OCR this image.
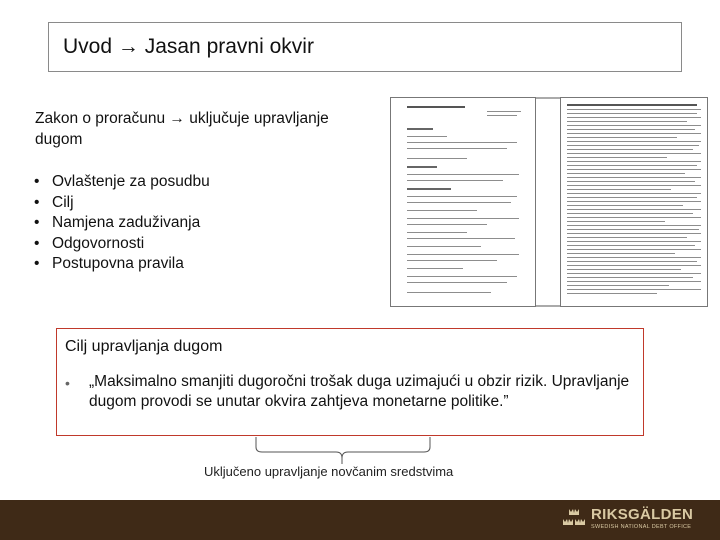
Uvod → Jasan pravni okvir
Zakon o proračunu → uključuje upravljanje dugom
• Ovlaštenje za posudbu
• Cilj
• Namjena zaduživanja
• Odgovornosti
• Postupovna pravila
Cilj upravljanja dugom
• „Maksimalno smanjiti dugoročni trošak duga uzimajući u obzir rizik. Upravljanje dugom provodi se unutar okvira zahtjeva monetarne politike.”
Uključeno upravljanje novčanim sredstvima
RIKSGÄLDEN
SWEDISH NATIONAL DEBT OFFICE
